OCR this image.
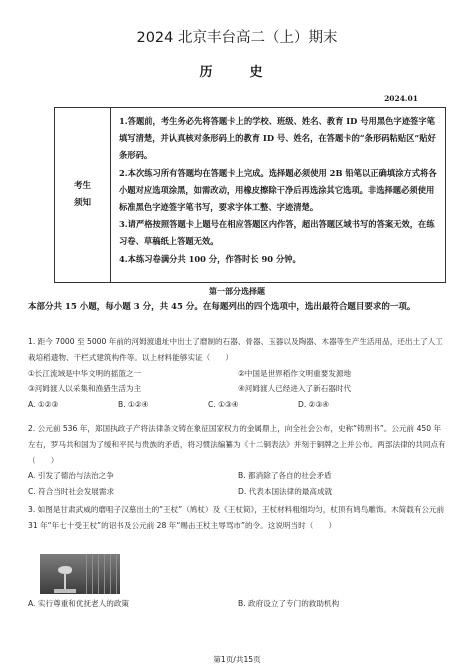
2024 北京丰台高二（上）期末
历　史
2024.01
考生
须知

1.答题前，考生务必先将答题卡上的学校、班级、姓名、教育 ID 号用黑色字迹签字笔填写清楚，并认真核对条形码上的教育 ID 号、姓名，在答题卡的“条形码粘贴区”贴好条形码。

2.本次练习所有答题均在答题卡上完成。选择题必须使用 2B 铅笔以正确填涂方式将各小题对应选项涂黑，如需改动，用橡皮擦除干净后再选涂其它选项。非选择题必须使用标准黑色字迹签字笔书写，要求字体工整、字迹清楚。

3.请严格按照答题卡上题号在相应答题区内作答，超出答题区域书写的答案无效，在练习卷、草稿纸上答题无效。

4.本练习卷满分共 100 分，作答时长 90 分钟。

第一部分选择题
本部分共 15 小题，每小题 3 分，共 45 分。在每题列出的四个选项中，选出最符合题目要求的一项。

1. 距今 7000 至 5000 年前的河姆渡遗址中出土了磨制的石器、骨器、玉器以及陶器、木器等生产生活用品，还出土了人工栽培稻遗物、干栏式建筑构件等。以上材料能够实证（　　）

①长江流域是中华文明的摇篮之一	②中国是世界稻作文明重要发源地
③河姆渡人以采集和渔猎生活为主	④河姆渡人已经进入了新石器时代
A. ①②③	B. ①②④	C. ①③④	D. ②③④

2. 公元前 536 年，郑国执政子产将法律条文铸在象征国家权力的金属鼎上，向全社会公布，史称“铸刑书”。公元前 450 年左右，罗马共和国为了缓和平民与贵族的矛盾，将习惯法编纂为《十二铜表法》并刻于铜牌之上并公布。两部法律的共同点有（　　）

A. 引发了德治与法治之争	B. 都消除了各自的社会矛盾
C. 符合当时社会发展需求	D. 代表本国法律的最高成就

3. 如图是甘肃武威的磨咀子汉墓出土的“王杖”（鸠杖）及《王杖简》，王杖材料粗细均匀，杖顶有鸠鸟雕饰。木简载有公元前 31 年“年七十受王杖”的诏书及公元前 28 年“赐击王杖主辱骂市”的令。这说明当时（　　）

A. 实行尊重和优抚老人的政策	B. 政府设立了专门的救助机构
第1页/共15页
